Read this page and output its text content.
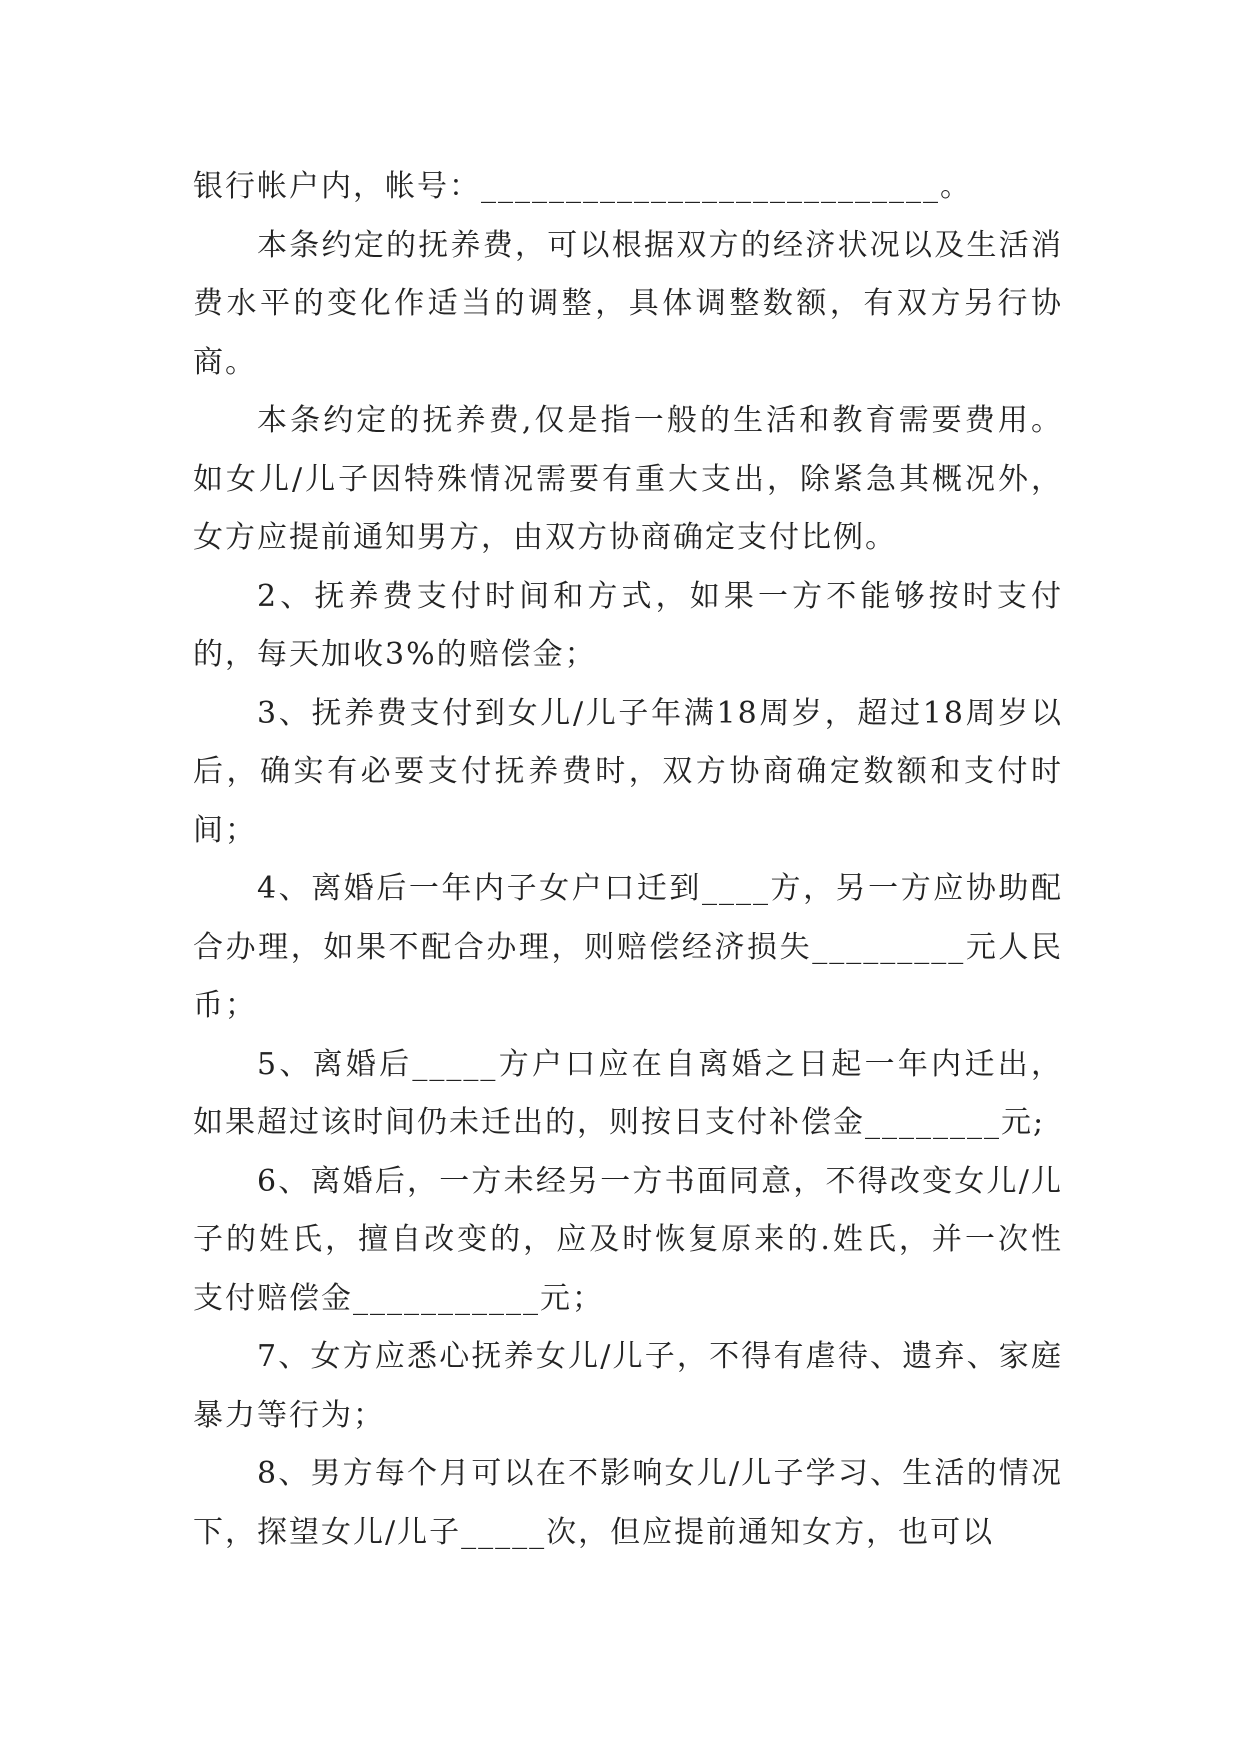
银行帐户内，帐号：___________________________。

本条约定的抚养费，可以根据双方的经济状况以及生活消费水平的变化作适当的调整，具体调整数额，有双方另行协商。

本条约定的抚养费,仅是指一般的生活和教育需要费用。如女儿/儿子因特殊情况需要有重大支出，除紧急其概况外，女方应提前通知男方，由双方协商确定支付比例。

2、抚养费支付时间和方式，如果一方不能够按时支付的，每天加收3%的赔偿金；

3、抚养费支付到女儿/儿子年满18周岁，超过18周岁以后，确实有必要支付抚养费时，双方协商确定数额和支付时间；

4、离婚后一年内子女户口迁到____方，另一方应协助配合办理，如果不配合办理，则赔偿经济损失_________元人民币；

5、离婚后_____方户口应在自离婚之日起一年内迁出，如果超过该时间仍未迁出的，则按日支付补偿金________元;

6、离婚后，一方未经另一方书面同意，不得改变女儿/儿子的姓氏，擅自改变的，应及时恢复原来的.姓氏，并一次性支付赔偿金___________元；

7、女方应悉心抚养女儿/儿子，不得有虐待、遗弃、家庭暴力等行为；

8、男方每个月可以在不影响女儿/儿子学习、生活的情况下，探望女儿/儿子_____次，但应提前通知女方，也可以
